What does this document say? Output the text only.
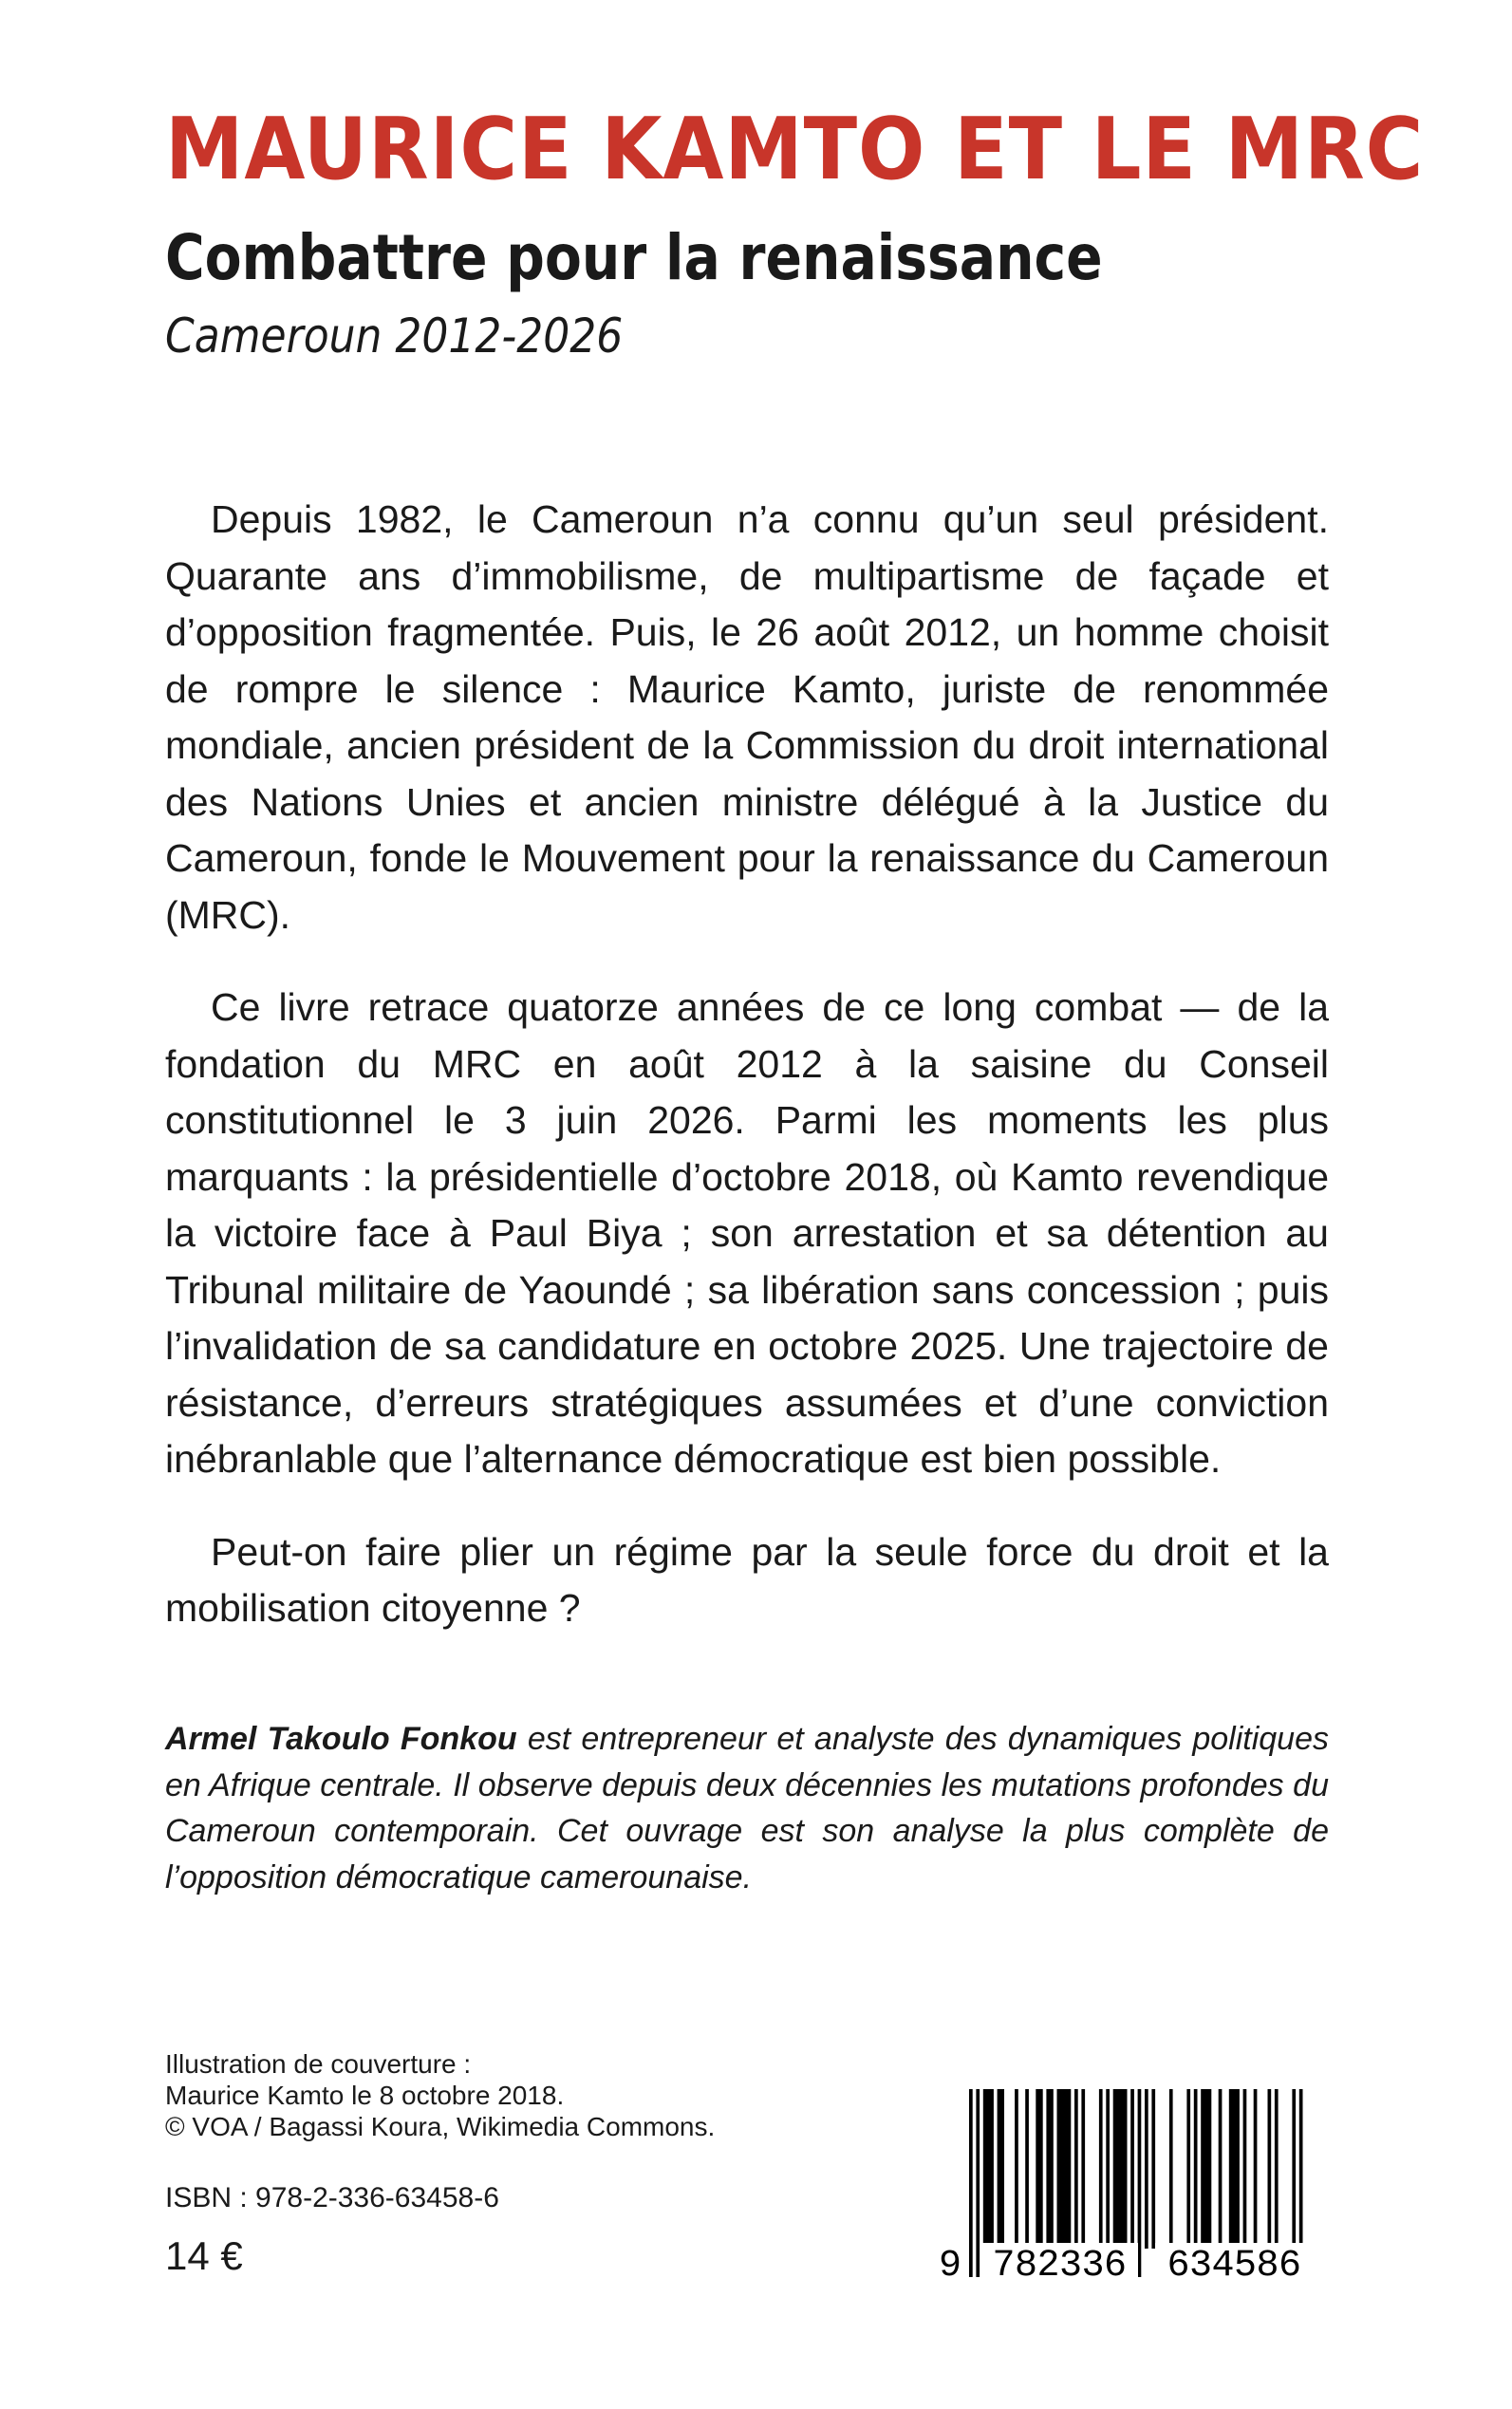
MAURICE KAMTO ET LE MRC
Combattre pour la renaissance
Cameroun 2012-2026

Depuis 1982, le Cameroun n’a connu qu’un seul président. Quarante ans d’immobilisme, de multipartisme de façade et d’opposition fragmentée. Puis, le 26 août 2012, un homme choisit de rompre le silence : Maurice Kamto, juriste de renommée mondiale, ancien président de la Commission du droit international des Nations Unies et ancien ministre délégué à la Justice du Cameroun, fonde le Mouvement pour la renaissance du Cameroun (MRC).

Ce livre retrace quatorze années de ce long combat — de la fondation du MRC en août 2012 à la saisine du Conseil constitutionnel le 3 juin 2026. Parmi les moments les plus marquants : la présidentielle d’octobre 2018, où Kamto revendique la victoire face à Paul Biya ; son arrestation et sa détention au Tribunal militaire de Yaoundé ; sa libération sans concession ; puis l’invalidation de sa candidature en octobre 2025. Une trajectoire de résistance, d’erreurs stratégiques assumées et d’une conviction inébranlable que l’alternance démocratique est bien possible.

Peut-on faire plier un régime par la seule force du droit et la mobilisation citoyenne ?

Armel Takoulo Fonkou est entrepreneur et analyste des dynamiques politiques en Afrique centrale. Il observe depuis deux décennies les mutations profondes du Cameroun contemporain. Cet ouvrage est son analyse la plus complète de l’opposition démocratique camerounaise.

Illustration de couverture :
Maurice Kamto le 8 octobre 2018.
© VOA / Bagassi Koura, Wikimedia Commons.
ISBN : 978-2-336-63458-6
14 €	9 782336	634586
